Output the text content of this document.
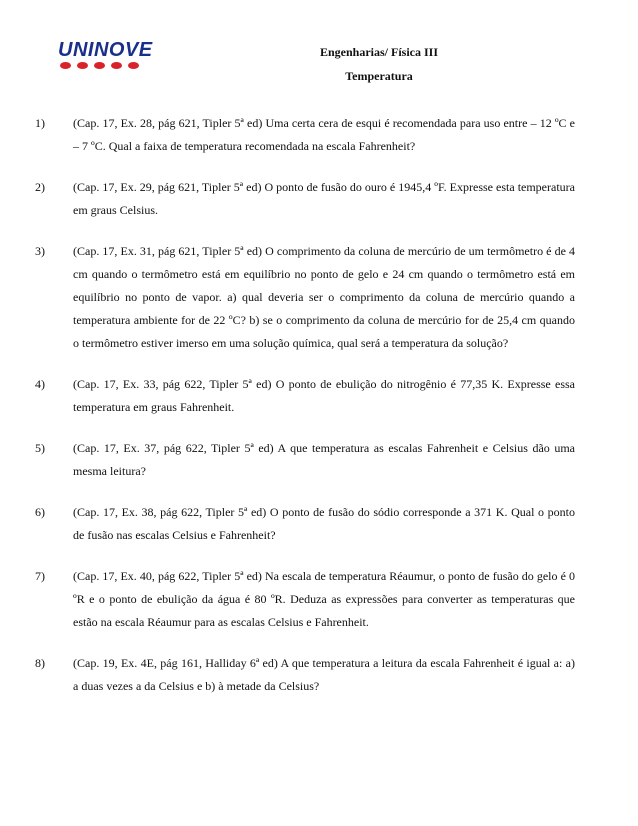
UNINOVE	Engenharias/ Física III
Temperatura
1)	(Cap. 17, Ex. 28, pág 621, Tipler 5ª ed) Uma certa cera de esqui é recomendada para uso entre – 12 ºC e – 7 ºC. Qual a faixa de temperatura recomendada na escala Fahrenheit?
2)	(Cap. 17, Ex. 29, pág 621, Tipler 5ª ed) O ponto de fusão do ouro é 1945,4 ºF. Expresse esta temperatura em graus Celsius.
3)	(Cap. 17, Ex. 31, pág 621, Tipler 5ª ed) O comprimento da coluna de mercúrio de um termômetro é de 4 cm quando o termômetro está em equilíbrio no ponto de gelo e 24 cm quando o termômetro está em equilíbrio no ponto de vapor. a) qual deveria ser o comprimento da coluna de mercúrio quando a temperatura ambiente for de 22 ºC? b) se o comprimento da coluna de mercúrio for de 25,4 cm quando o termômetro estiver imerso em uma solução química, qual será a temperatura da solução?
4)	(Cap. 17, Ex. 33, pág 622, Tipler 5ª ed) O ponto de ebulição do nitrogênio é 77,35 K. Expresse essa temperatura em graus Fahrenheit.
5)	(Cap. 17, Ex. 37, pág 622, Tipler 5ª ed) A que temperatura as escalas Fahrenheit e Celsius dão uma mesma leitura?
6)	(Cap. 17, Ex. 38, pág 622, Tipler 5ª ed) O ponto de fusão do sódio corresponde a 371 K. Qual o ponto de fusão nas escalas Celsius e Fahrenheit?
7)	(Cap. 17, Ex. 40, pág 622, Tipler 5ª ed) Na escala de temperatura Réaumur, o ponto de fusão do gelo é 0 ºR e o ponto de ebulição da água é 80 ºR. Deduza as expressões para converter as temperaturas que estão na escala Réaumur para as escalas Celsius e Fahrenheit.
8)	(Cap. 19, Ex. 4E, pág 161, Halliday 6ª ed) A que temperatura a leitura da escala Fahrenheit é igual a: a) a duas vezes a da Celsius e b) à metade da Celsius?
